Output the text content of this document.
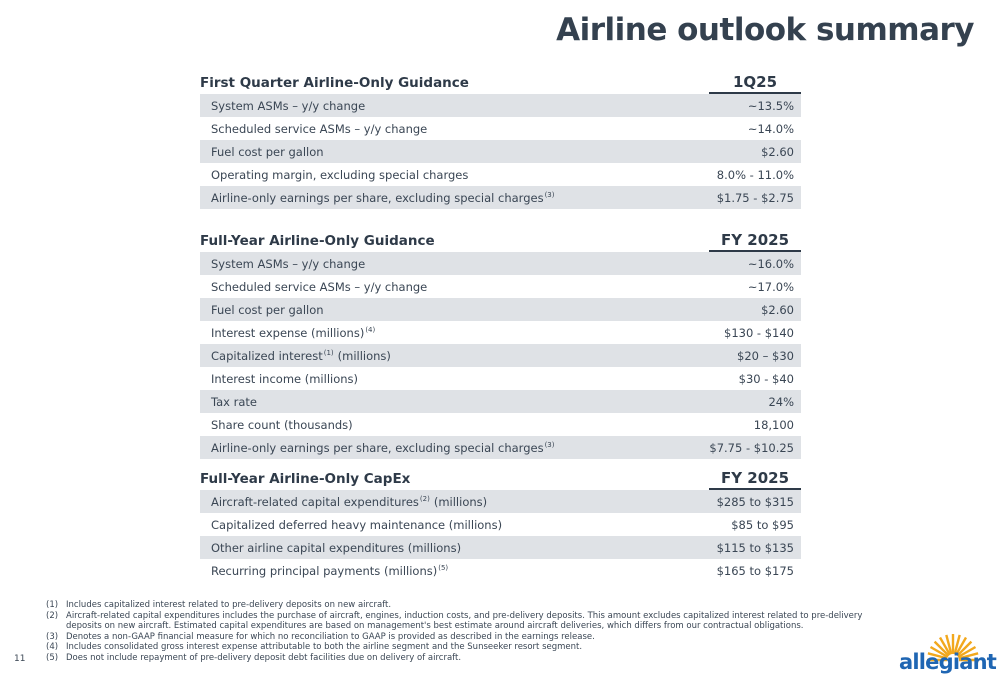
Airline outlook summary
First Quarter Airline-Only Guidance	1Q25
System ASMs – y/y change	~13.5%
Scheduled service ASMs – y/y change	~14.0%
Fuel cost per gallon	$2.60
Operating margin, excluding special charges	8.0% - 11.0%
Airline-only earnings per share, excluding special charges$^{(3)}$	$1.75 - $2.75
Full-Year Airline-Only Guidance	FY 2025
System ASMs – y/y change	~16.0%
Scheduled service ASMs – y/y change	~17.0%
Fuel cost per gallon	$2.60
Interest expense (millions)$^{(4)}$	$130 - $140
Capitalized interest$^{(1)}$ (millions)	$20 – $30
Interest income (millions)	$30 - $40
Tax rate	24%
Share count (thousands)	18,100
Airline-only earnings per share, excluding special charges$^{(3)}$	$7.75 - $10.25
Full-Year Airline-Only CapEx	FY 2025
Aircraft-related capital expenditures$^{(2)}$ (millions)	$285 to $315
Capitalized deferred heavy maintenance (millions)	$85 to $95
Other airline capital expenditures (millions)	$115 to $135
Recurring principal payments (millions)$^{(5)}$	$165 to $175
(1) Includes capitalized interest related to pre-delivery deposits on new aircraft.
(2) Aircraft-related capital expenditures includes the purchase of aircraft, engines, induction costs, and pre-delivery deposits. This amount excludes capitalized interest related to pre-delivery deposits on new aircraft. Estimated capital expenditures are based on management's best estimate around aircraft deliveries, which differs from our contractual obligations.
(3) Denotes a non-GAAP financial measure for which no reconciliation to GAAP is provided as described in the earnings release.
(4) Includes consolidated gross interest expense attributable to both the airline segment and the Sunseeker resort segment.
(5) Does not include repayment of pre-delivery deposit debt facilities due on delivery of aircraft.
11	allegiant
